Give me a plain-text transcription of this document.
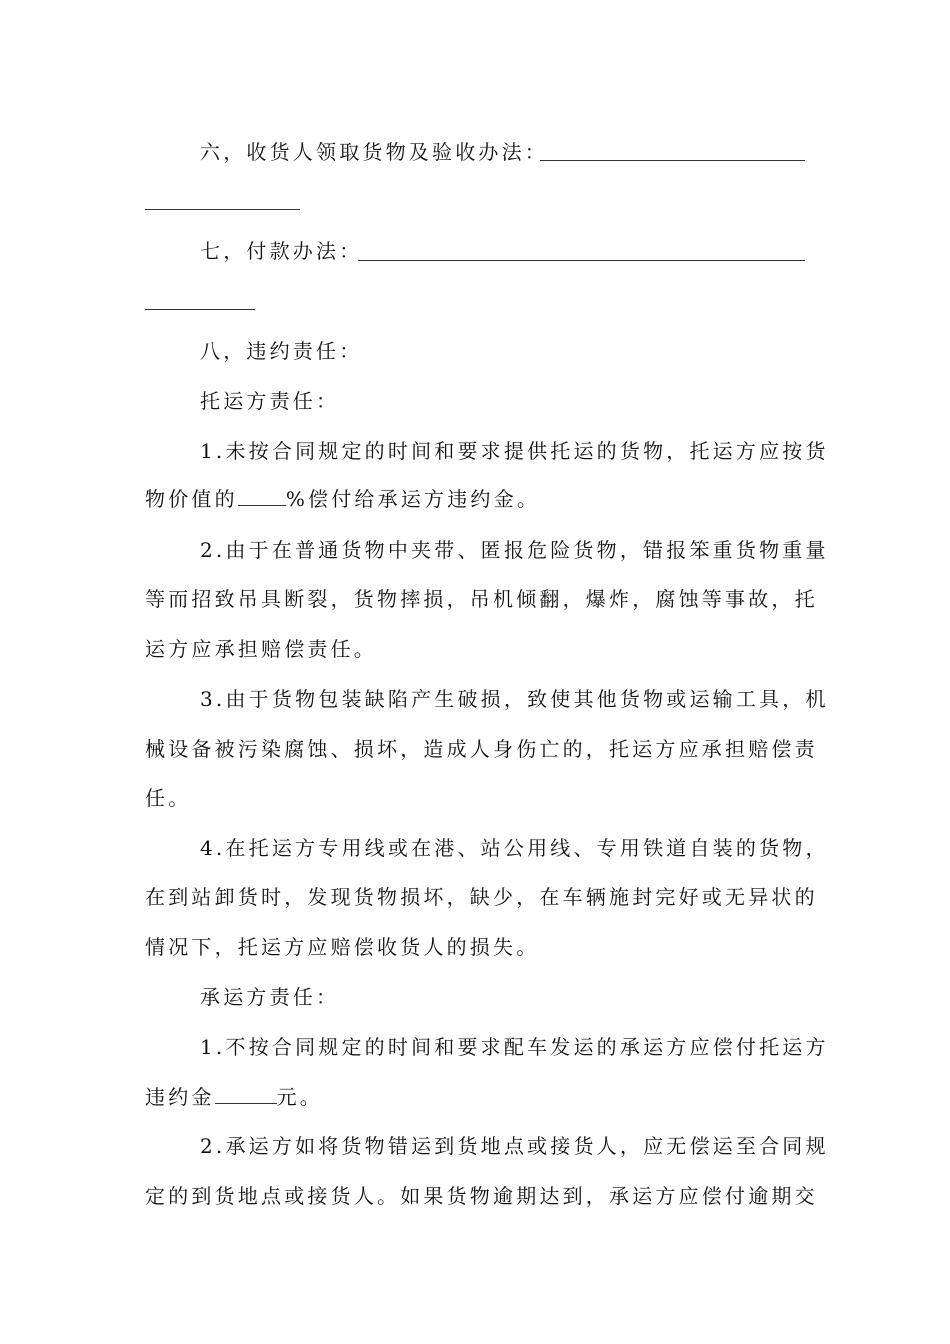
六，收货人领取货物及验收办法：
七，付款办法：
八，违约责任：
托运方责任：
1.未按合同规定的时间和要求提供托运的货物，托运方应按货
物价值的 %偿付给承运方违约金。
2.由于在普通货物中夹带、匿报危险货物，错报笨重货物重量
等而招致吊具断裂，货物摔损，吊机倾翻，爆炸，腐蚀等事故，托
运方应承担赔偿责任。
3.由于货物包装缺陷产生破损，致使其他货物或运输工具，机
械设备被污染腐蚀、损坏，造成人身伤亡的，托运方应承担赔偿责
任。
4.在托运方专用线或在港、站公用线、专用铁道自装的货物，
在到站卸货时，发现货物损坏，缺少，在车辆施封完好或无异状的
情况下，托运方应赔偿收货人的损失。
承运方责任：
1.不按合同规定的时间和要求配车发运的承运方应偿付托运方
违约金	元。
2.承运方如将货物错运到货地点或接货人，应无偿运至合同规
定的到货地点或接货人。如果货物逾期达到，承运方应偿付逾期交
